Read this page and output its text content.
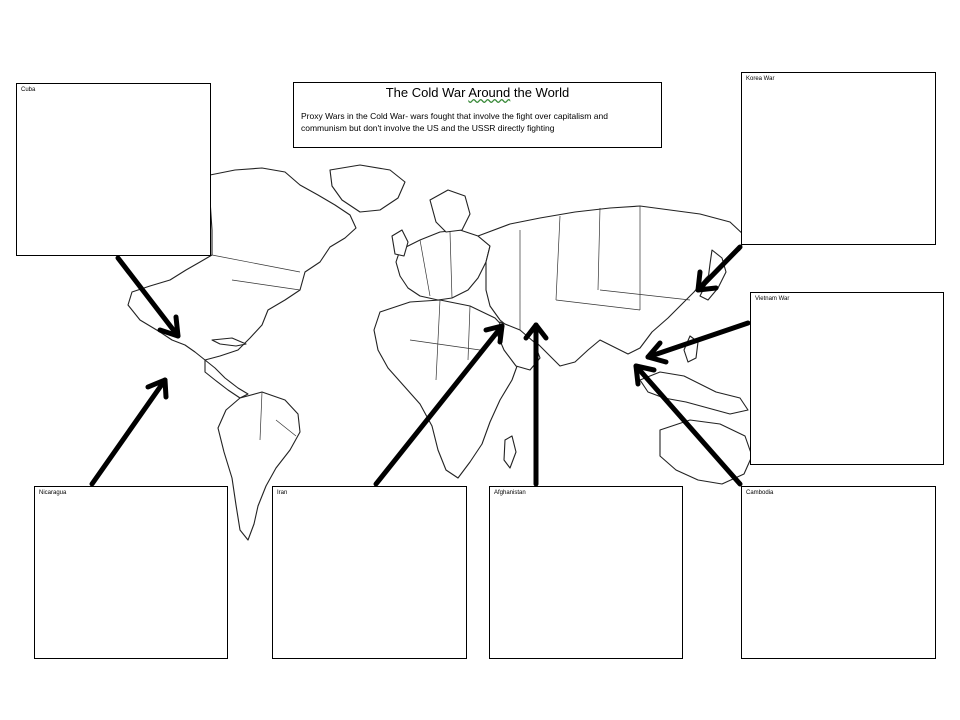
The Cold War Around the World
Proxy Wars in the Cold War- wars fought that involve the fight over capitalism and communism but don't involve the US and the USSR directly fighting
Cuba
Korea War
Vietnam War
Nicaragua	Iran	Afghanistan	Cambodia
